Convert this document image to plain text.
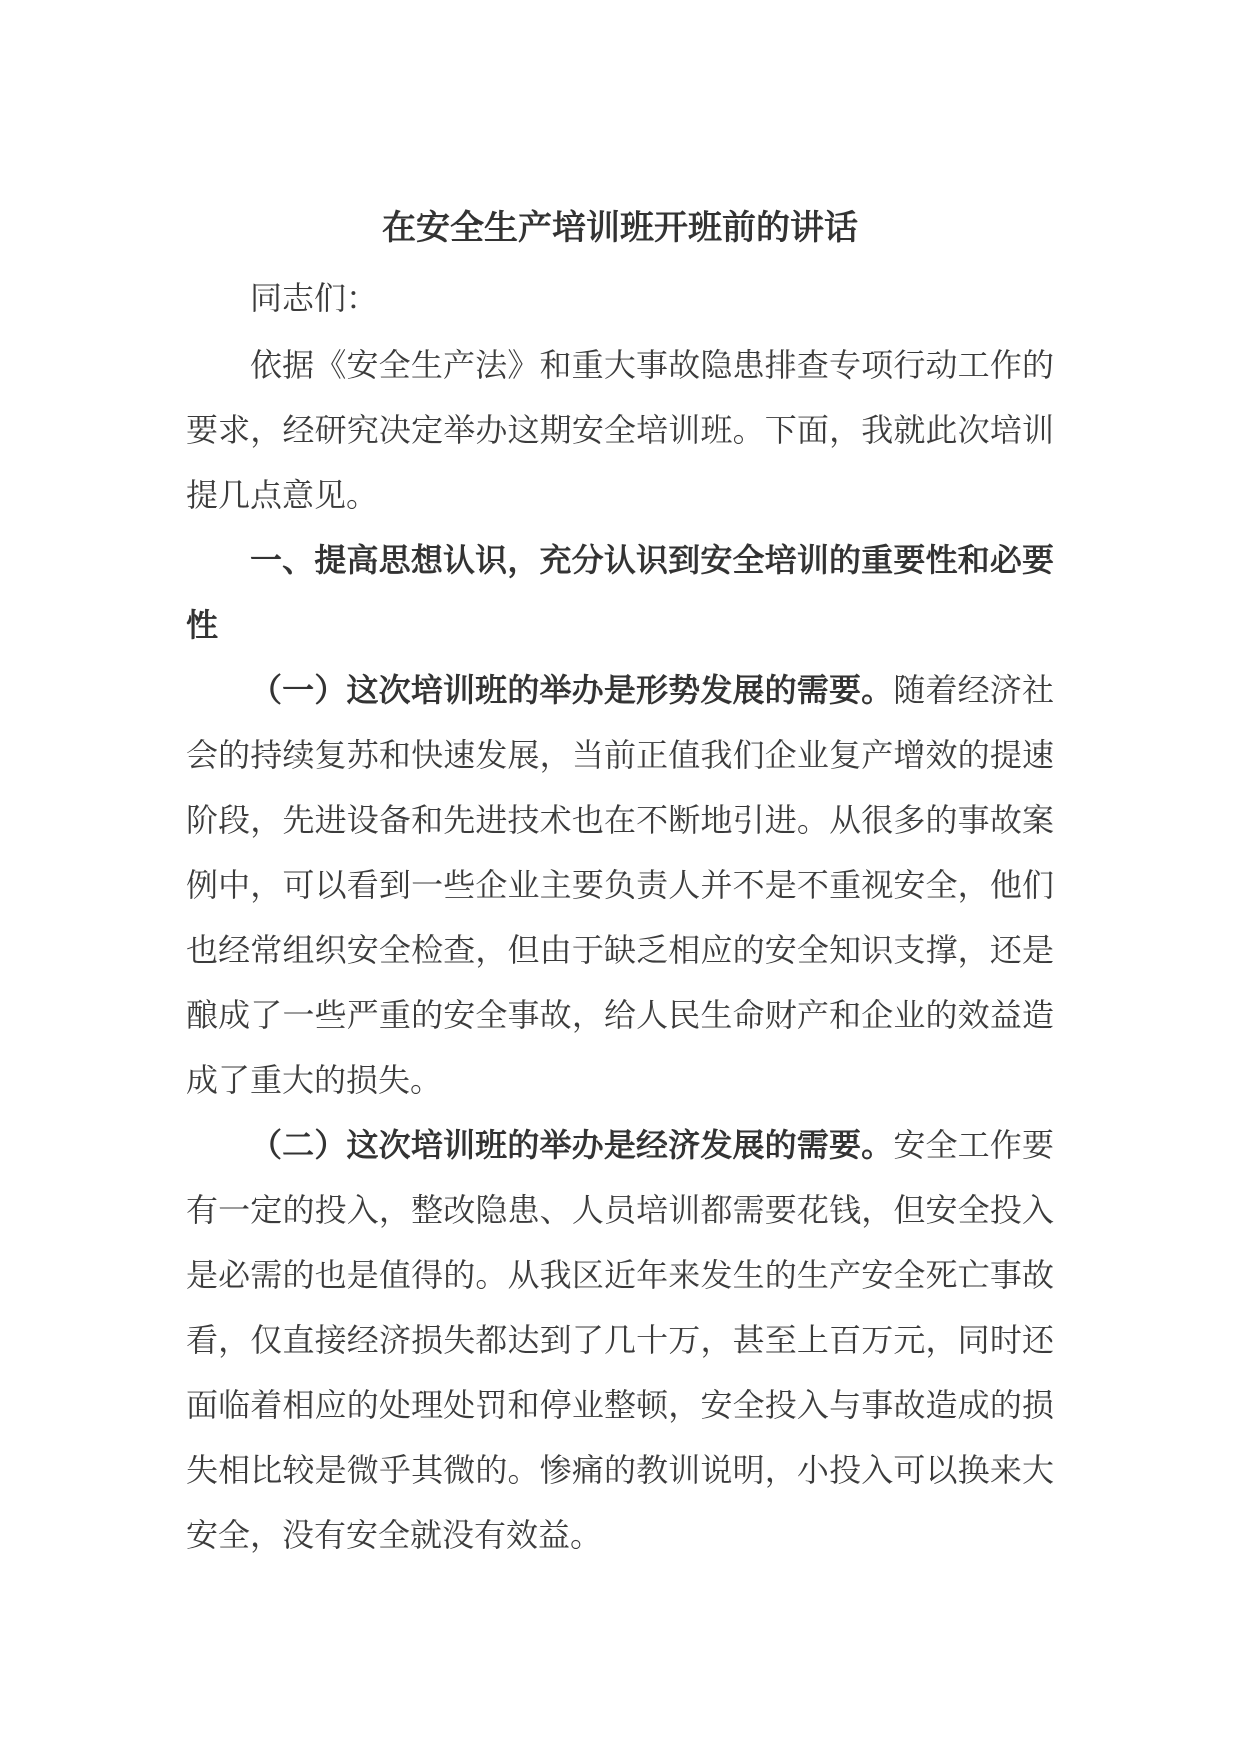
在安全生产培训班开班前的讲话

同志们：

依据《安全生产法》和重大事故隐患排查专项行动工作的要求，经研究决定举办这期安全培训班。下面，我就此次培训提几点意见。

一、提高思想认识，充分认识到安全培训的重要性和必要性

（一）这次培训班的举办是形势发展的需要。随着经济社会的持续复苏和快速发展，当前正值我们企业复产增效的提速阶段，先进设备和先进技术也在不断地引进。从很多的事故案例中，可以看到一些企业主要负责人并不是不重视安全，他们也经常组织安全检查，但由于缺乏相应的安全知识支撑，还是酿成了一些严重的安全事故，给人民生命财产和企业的效益造成了重大的损失。

（二）这次培训班的举办是经济发展的需要。安全工作要有一定的投入，整改隐患、人员培训都需要花钱，但安全投入是必需的也是值得的。从我区近年来发生的生产安全死亡事故看，仅直接经济损失都达到了几十万，甚至上百万元，同时还面临着相应的处理处罚和停业整顿，安全投入与事故造成的损失相比较是微乎其微的。惨痛的教训说明，小投入可以换来大安全，没有安全就没有效益。
